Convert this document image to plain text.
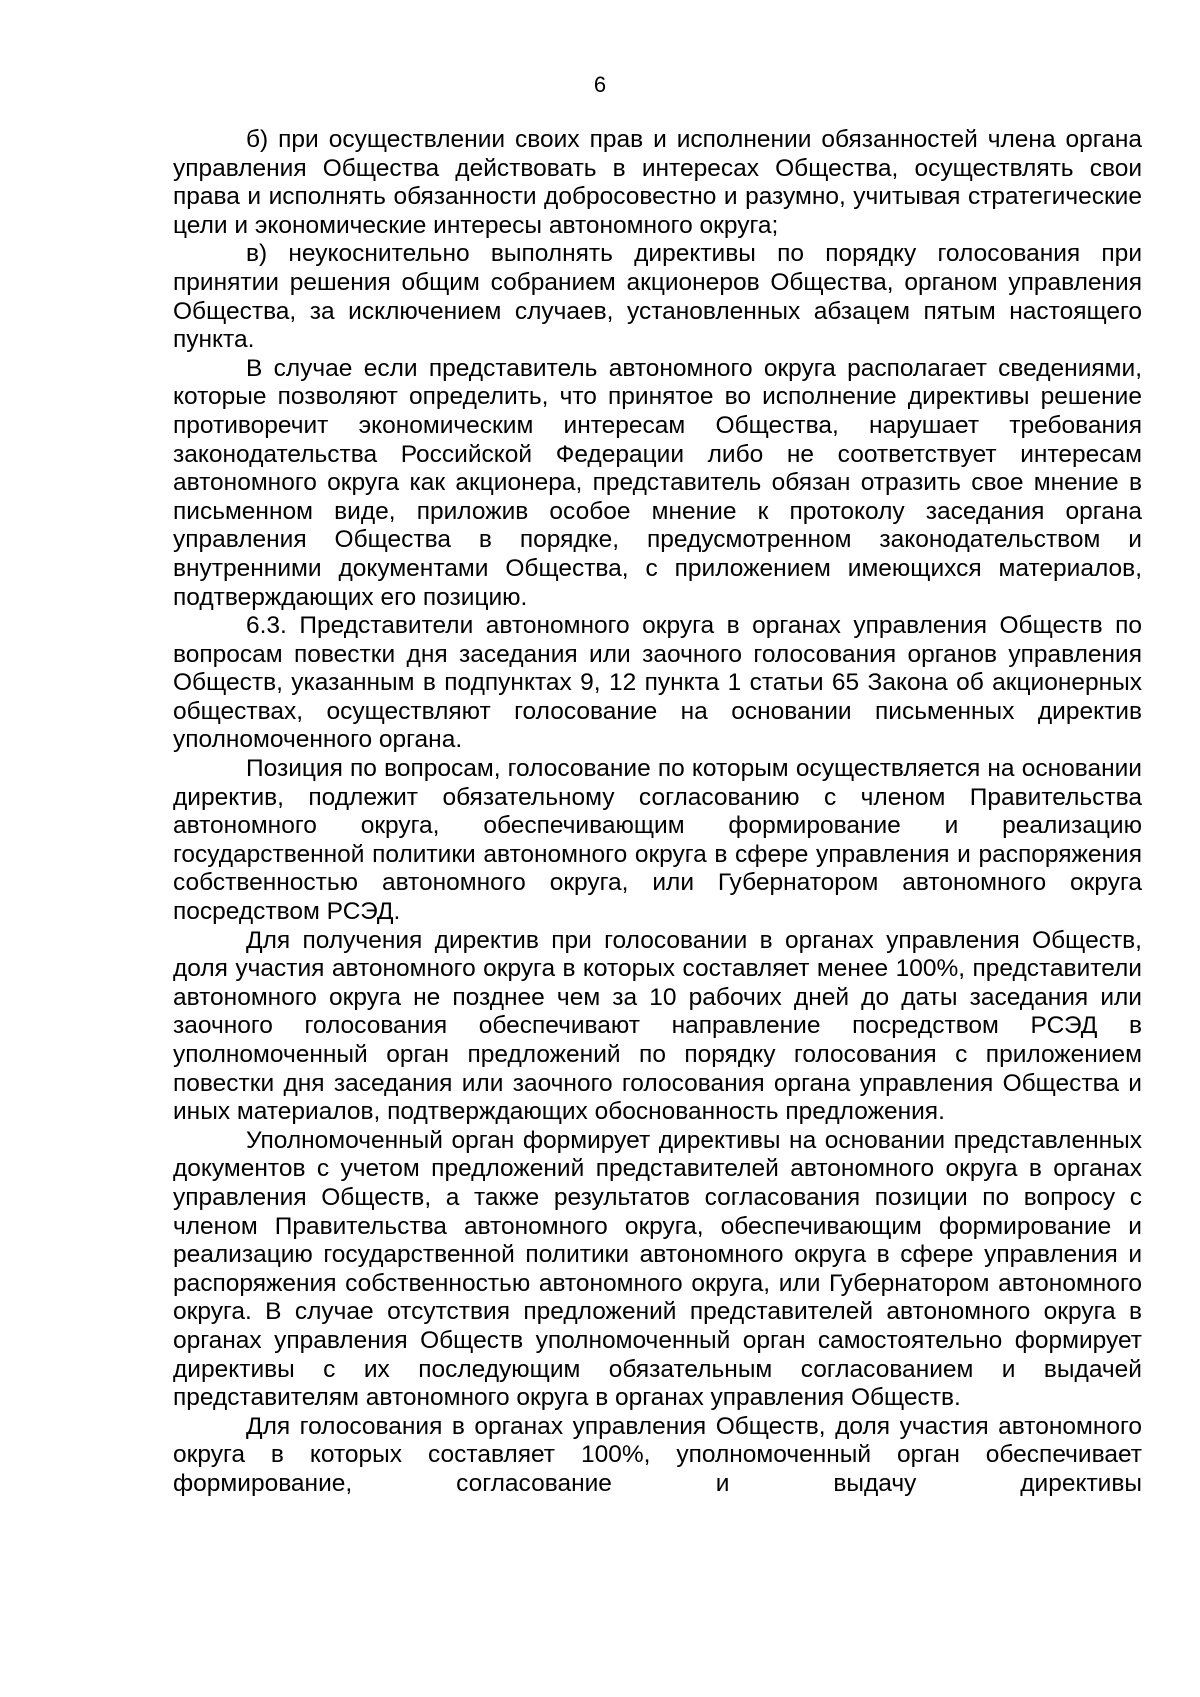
6

б) при осуществлении своих прав и исполнении обязанностей члена органа управления Общества действовать в интересах Общества, осуществлять свои права и исполнять обязанности добросовестно и разумно, учитывая стратегические цели и экономические интересы автономного округа;

в) неукоснительно выполнять директивы по порядку голосования при принятии решения общим собранием акционеров Общества, органом управления Общества, за исключением случаев, установленных абзацем пятым настоящего пункта.

В случае если представитель автономного округа располагает сведениями, которые позволяют определить, что принятое во исполнение директивы решение противоречит экономическим интересам Общества, нарушает требования законодательства Российской Федерации либо не соответствует интересам автономного округа как акционера, представитель обязан отразить свое мнение в письменном виде, приложив особое мнение к протоколу заседания органа управления Общества в порядке, предусмотренном законодательством и внутренними документами Общества, с приложением имеющихся материалов, подтверждающих его позицию.

6.3. Представители автономного округа в органах управления Обществ по вопросам повестки дня заседания или заочного голосования органов управления Обществ, указанным в подпунктах 9, 12 пункта 1 статьи 65 Закона об акционерных обществах, осуществляют голосование на основании письменных директив уполномоченного органа.

Позиция по вопросам, голосование по которым осуществляется на основании директив, подлежит обязательному согласованию с членом Правительства автономного округа, обеспечивающим формирование и реализацию государственной политики автономного округа в сфере управления и распоряжения собственностью автономного округа, или Губернатором автономного округа посредством РСЭД.

Для получения директив при голосовании в органах управления Обществ, доля участия автономного округа в которых составляет менее 100%, представители автономного округа не позднее чем за 10 рабочих дней до даты заседания или заочного голосования обеспечивают направление посредством РСЭД в уполномоченный орган предложений по порядку голосования с приложением повестки дня заседания или заочного голосования органа управления Общества и иных материалов, подтверждающих обоснованность предложения.

Уполномоченный орган формирует директивы на основании представленных документов с учетом предложений представителей автономного округа в органах управления Обществ, а также результатов согласования позиции по вопросу с членом Правительства автономного округа, обеспечивающим формирование и реализацию государственной политики автономного округа в сфере управления и распоряжения собственностью автономного округа, или Губернатором автономного округа. В случае отсутствия предложений представителей автономного округа в органах управления Обществ уполномоченный орган самостоятельно формирует директивы с их последующим обязательным согласованием и выдачей представителям автономного округа в органах управления Обществ.

Для голосования в органах управления Обществ, доля участия автономного округа в которых составляет 100%, уполномоченный орган обеспечивает формирование, согласование и выдачу директивы
